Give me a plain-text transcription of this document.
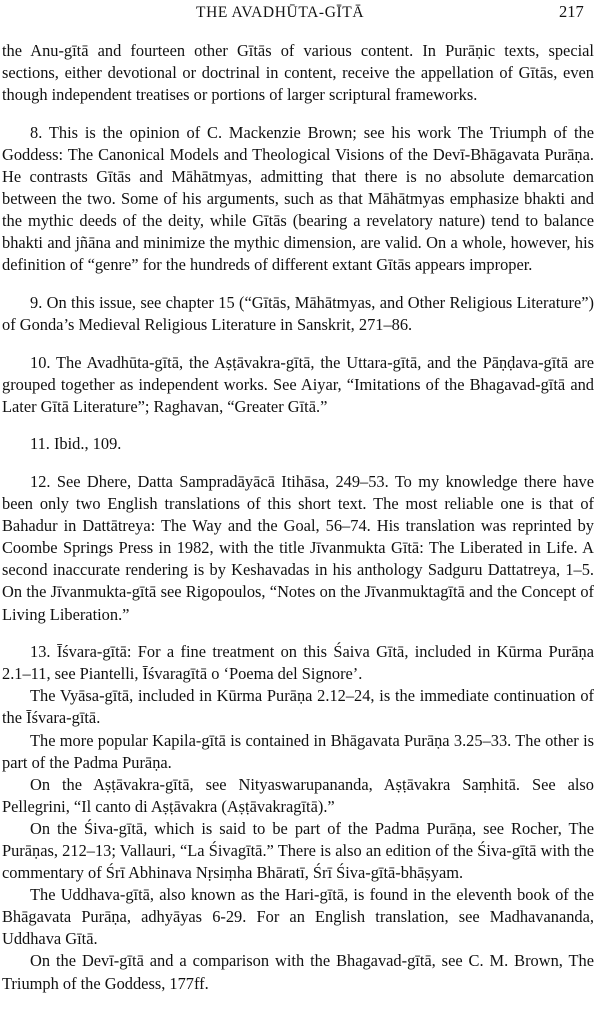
THE AVADHŪTA-GĪTĀ	217

the Anu-gītā and fourteen other Gītās of various content. In Purāṇic texts, special sections, either devotional or doctrinal in content, receive the appellation of Gītās, even though independent treatises or portions of larger scriptural frameworks.

8. This is the opinion of C. Mackenzie Brown; see his work The Triumph of the Goddess: The Canonical Models and Theological Visions of the Devī-Bhāgavata Purāṇa. He contrasts Gītās and Māhātmyas, admitting that there is no absolute demarcation between the two. Some of his arguments, such as that Māhātmyas emphasize bhakti and the mythic deeds of the deity, while Gītās (bearing a revelatory nature) tend to balance bhakti and jñāna and minimize the mythic dimension, are valid. On a whole, however, his definition of “genre” for the hundreds of different extant Gītās appears improper.

9. On this issue, see chapter 15 (“Gītās, Māhātmyas, and Other Religious Literature”) of Gonda’s Medieval Religious Literature in Sanskrit, 271–86.

10. The Avadhūta-gītā, the Aṣṭāvakra-gītā, the Uttara-gītā, and the Pāṇḍava-gītā are grouped together as independent works. See Aiyar, “Imitations of the Bhagavad-gītā and Later Gītā Literature”; Raghavan, “Greater Gītā.”

11. Ibid., 109.

12. See Dhere, Datta Sampradāyācā Itihāsa, 249–53. To my knowledge there have been only two English translations of this short text. The most reliable one is that of Bahadur in Dattātreya: The Way and the Goal, 56–74. His translation was reprinted by Coombe Springs Press in 1982, with the title Jīvanmukta Gītā: The Liberated in Life. A second inaccurate rendering is by Keshavadas in his anthology Sadguru Dattatreya, 1–5. On the Jīvanmukta-gītā see Rigopoulos, “Notes on the Jīvanmuktagītā and the Concept of Living Liberation.”

13. Īśvara-gītā: For a fine treatment on this Śaiva Gītā, included in Kūrma Purāṇa 2.1–11, see Piantelli, Īśvaragītā o ‘Poema del Signore’.

The Vyāsa-gītā, included in Kūrma Purāṇa 2.12–24, is the immediate continuation of the Īśvara-gītā.

The more popular Kapila-gītā is contained in Bhāgavata Purāṇa 3.25–33. The other is part of the Padma Purāṇa.

On the Aṣṭāvakra-gītā, see Nityaswarupananda, Aṣṭāvakra Saṃhitā. See also Pellegrini, “Il canto di Aṣṭāvakra (Aṣṭāvakragītā).”

On the Śiva-gītā, which is said to be part of the Padma Purāṇa, see Rocher, The Purāṇas, 212–13; Vallauri, “La Śivagītā.” There is also an edition of the Śiva-gītā with the commentary of Śrī Abhinava Nṛsiṃha Bhāratī, Śrī Śiva-gītā-bhāṣyam.

The Uddhava-gītā, also known as the Hari-gītā, is found in the eleventh book of the Bhāgavata Purāṇa, adhyāyas 6-29. For an English translation, see Madhavananda, Uddhava Gītā.

On the Devī-gītā and a comparison with the Bhagavad-gītā, see C. M. Brown, The Triumph of the Goddess, 177ff.
